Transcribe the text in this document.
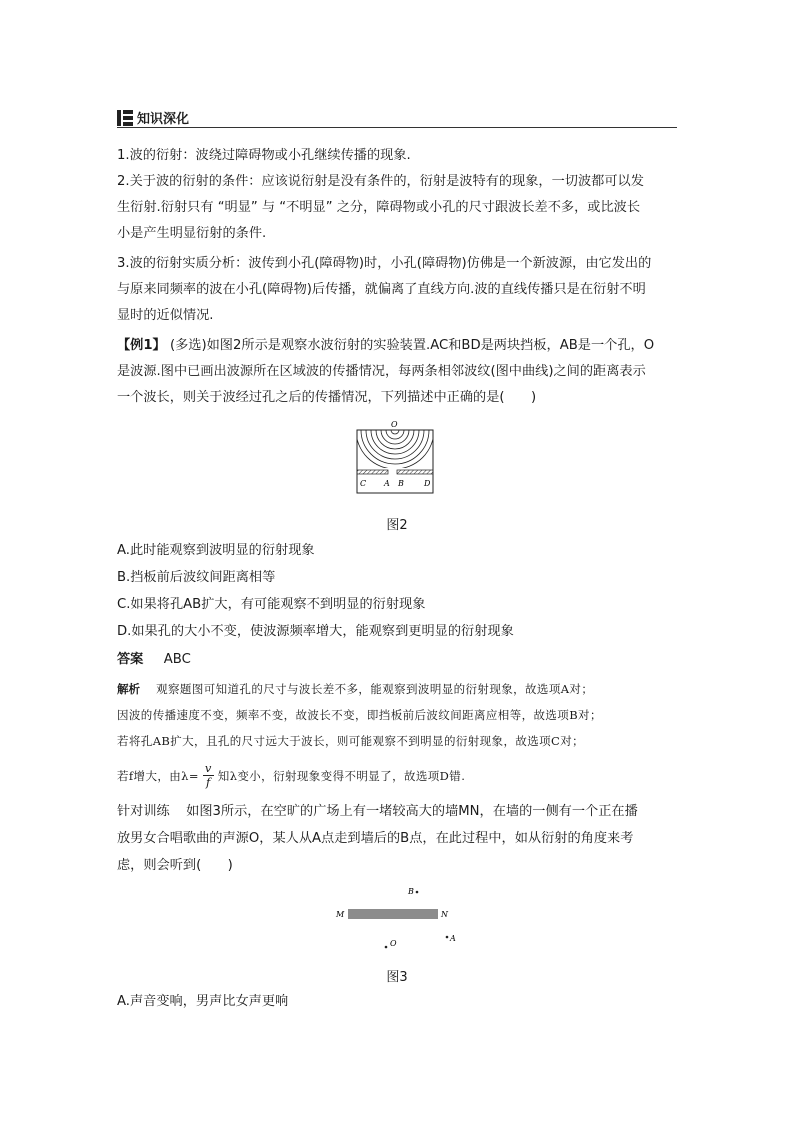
知识深化
1.波的衍射：波绕过障碍物或小孔继续传播的现象.
2.关于波的衍射的条件：应该说衍射是没有条件的，衍射是波特有的现象，一切波都可以发
生衍射.衍射只有 “明显” 与 “不明显” 之分，障碍物或小孔的尺寸跟波长差不多，或比波长
小是产生明显衍射的条件.
3.波的衍射实质分析：波传到小孔(障碍物)时，小孔(障碍物)仿佛是一个新波源，由它发出的
与原来同频率的波在小孔(障碍物)后传播，就偏离了直线方向.波的直线传播只是在衍射不明
显时的近似情况.
【例1】 (多选)如图2所示是观察水波衍射的实验装置.AC和BD是两块挡板，AB是一个孔，O
是波源.图中已画出波源所在区域波的传播情况，每两条相邻波纹(图中曲线)之间的距离表示
一个波长，则关于波经过孔之后的传播情况，下列描述中正确的是(　　)
O
C A B	D
图2
A.此时能观察到波明显的衍射现象
B.挡板前后波纹间距离相等
C.如果将孔AB扩大，有可能观察不到明显的衍射现象
D.如果孔的大小不变，使波源频率增大，能观察到更明显的衍射现象
答案 ABC
解析 观察题图可知道孔的尺寸与波长差不多，能观察到波明显的衍射现象，故选项A对；
因波的传播速度不变，频率不变，故波长不变，即挡板前后波纹间距离应相等，故选项B对；
若将孔AB扩大，且孔的尺寸远大于波长，则可能观察不到明显的衍射现象，故选项C对；
若f增大，由$\lambda= \frac{v}{f}$ 知λ变小，衍射现象变得不明显了，故选项D错.
针对训练 如图3所示，在空旷的广场上有一堵较高大的墙MN，在墙的一侧有一个正在播
放男女合唱歌曲的声源O，某人从A点走到墙后的B点，在此过程中，如从衍射的角度来考
虑，则会听到(　　)
B
M	N
O
A
图3
A.声音变响，男声比女声更响
